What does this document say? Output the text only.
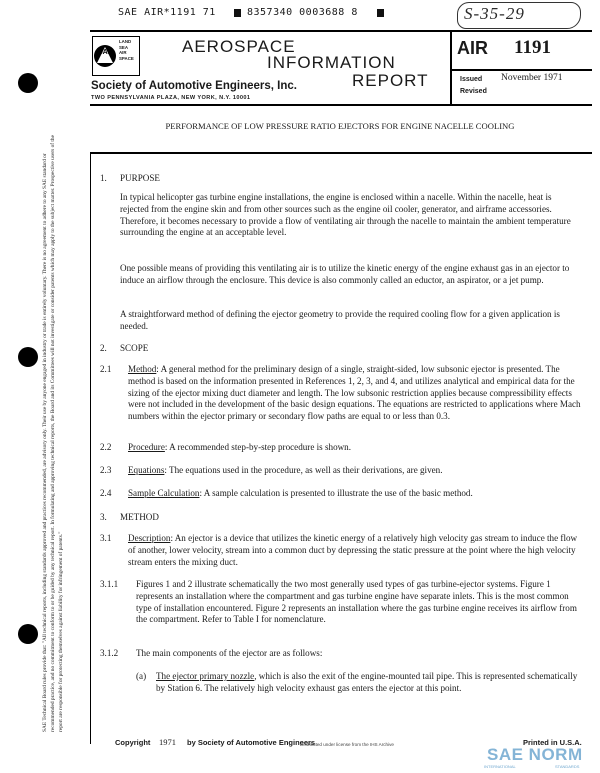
SAE AIR*1191 71	8357340 0003688 8	S-35-29
SAE
LAND
SEA
AIR
SPACE
AEROSPACE
INFORMATION
REPORT
Society of Automotive Engineers, Inc.
TWO PENNSYLVANIA PLAZA, NEW YORK, N.Y. 10001
AIR 1191
Issued November 1971
Revised
PERFORMANCE OF LOW PRESSURE RATIO EJECTORS FOR ENGINE NACELLE COOLING
SAE Technical Board rules provide that: "All technical reports, including standards approved and practices recommended, are advisory only. Their use by anyone engaged in industry or trade is entirely voluntary. There is no agreement to adhere to any SAE standard or recommended practice, and no commitment to conform to or be guided by any technical report. In formulating and approving technical reports, the Board and its Committees will not investigate or consider patents which may apply to the subject matter. Prospective users of the report are responsible for protecting themselves against liability for infringement of patents."
1. PURPOSE
In typical helicopter gas turbine engine installations, the engine is enclosed within a nacelle. Within the nacelle, heat is rejected from the engine skin and from other sources such as the engine oil cooler, generator, and airframe accessories. Therefore, it becomes necessary to provide a flow of ventilating air through the nacelle to maintain the ambient temperature surrounding the engine at an acceptable level.
One possible means of providing this ventilating air is to utilize the kinetic energy of the engine exhaust gas in an ejector to induce an airflow through the enclosure. This device is also commonly called an eductor, an aspirator, or a jet pump.
A straightforward method of defining the ejector geometry to provide the required cooling flow for a given application is needed.
2. SCOPE
2.1 Method: A general method for the preliminary design of a single, straight-sided, low subsonic ejector is presented. The method is based on the information presented in References 1, 2, 3, and 4, and utilizes analytical and empirical data for the sizing of the ejector mixing duct diameter and length. The low subsonic restriction applies because compressibility effects were not included in the development of the basic design equations. The equations are restricted to applications where Mach numbers within the ejector primary or secondary flow paths are equal to or less than 0.3.
2.2 Procedure: A recommended step-by-step procedure is shown.
2.3 Equations: The equations used in the procedure, as well as their derivations, are given.
2.4 Sample Calculation: A sample calculation is presented to illustrate the use of the basic method.
3. METHOD
3.1 Description: An ejector is a device that utilizes the kinetic energy of a relatively high velocity gas stream to induce the flow of another, lower velocity, stream into a common duct by depressing the static pressure at the point where the high velocity stream enters the mixing duct.
3.1.1 Figures 1 and 2 illustrate schematically the two most generally used types of gas turbine-ejector systems. Figure 1 represents an installation where the compartment and gas turbine engine have separate inlets. This is the most common type of installation encountered. Figure 2 represents an installation where the gas turbine engine receives its airflow from the compartment. Refer to Table I for nomenclature.
3.1.2 The main components of the ejector are as follows:
(a) The ejector primary nozzle, which is also the exit of the engine-mounted tail pipe. This is represented schematically by Station 6. The relatively high velocity exhaust gas enters the ejector at this point.
Copyright 1971 by Society of Automotive Engineers
Distributed under license from the IHS Archive	Printed in U.S.A.
SAE NORM
INTERNATIONAL	STANDARDS
